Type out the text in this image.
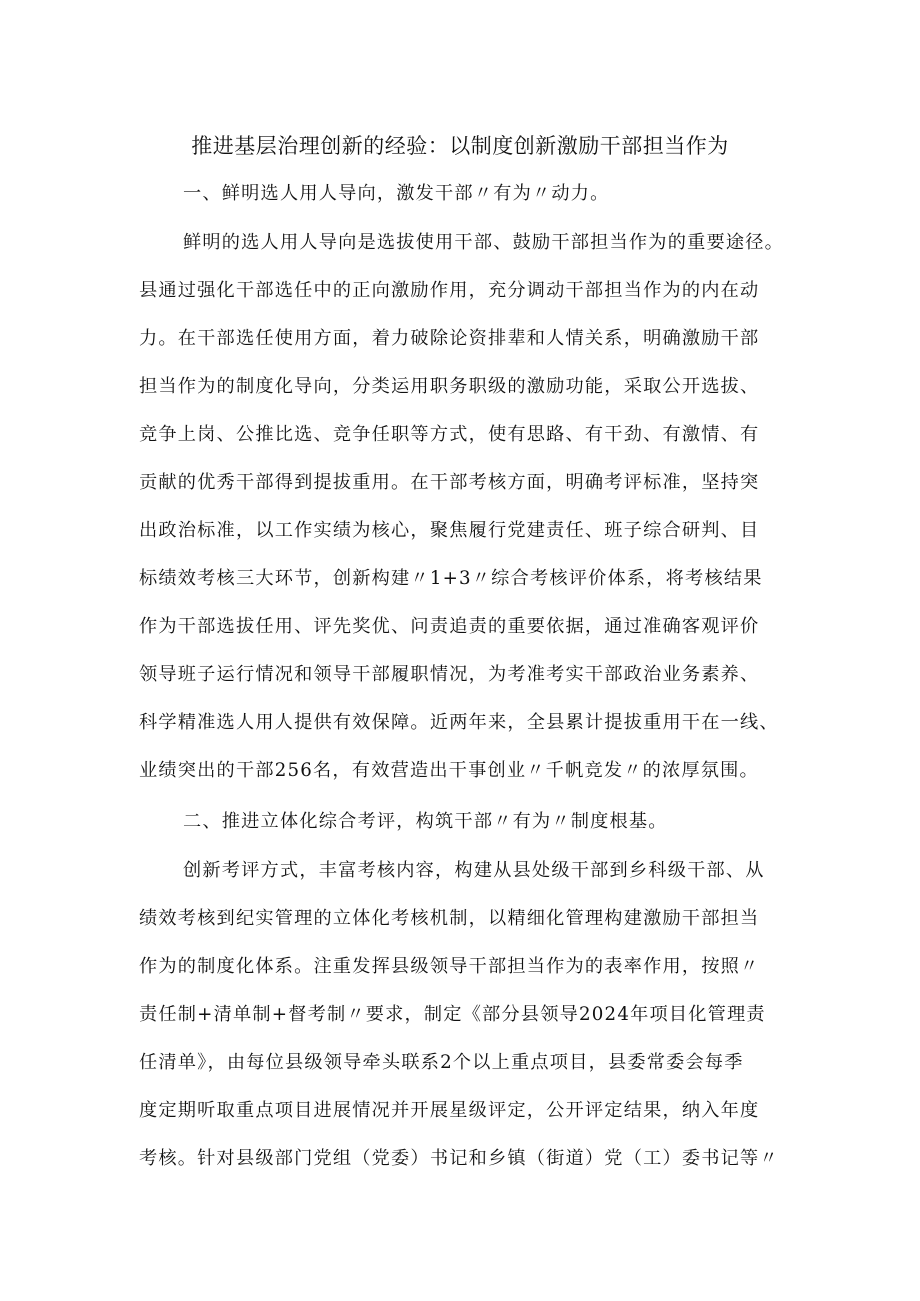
推进基层治理创新的经验：以制度创新激励干部担当作为
一、鲜明选人用人导向，激发干部〃有为〃动力。
鲜明的选人用人导向是选拔使用干部、鼓励干部担当作为的重要途径。
县通过强化干部选任中的正向激励作用，充分调动干部担当作为的内在动
力。在干部选任使用方面，着力破除论资排辈和人情关系，明确激励干部
担当作为的制度化导向，分类运用职务职级的激励功能，采取公开选拔、
竞争上岗、公推比选、竞争任职等方式，使有思路、有干劲、有激情、有
贡献的优秀干部得到提拔重用。在干部考核方面，明确考评标准，坚持突
出政治标准，以工作实绩为核心，聚焦履行党建责任、班子综合研判、目
标绩效考核三大环节，创新构建〃1+3〃综合考核评价体系，将考核结果
作为干部选拔任用、评先奖优、问责追责的重要依据，通过准确客观评价
领导班子运行情况和领导干部履职情况，为考准考实干部政治业务素养、
科学精准选人用人提供有效保障。近两年来，全县累计提拔重用干在一线、
业绩突出的干部256名，有效营造出干事创业〃千帆竞发〃的浓厚氛围。
二、推进立体化综合考评，构筑干部〃有为〃制度根基。
创新考评方式，丰富考核内容，构建从县处级干部到乡科级干部、从
绩效考核到纪实管理的立体化考核机制，以精细化管理构建激励干部担当
作为的制度化体系。注重发挥县级领导干部担当作为的表率作用，按照〃
责任制+清单制+督考制〃要求，制定《部分县领导2024年项目化管理责
任清单》，由每位县级领导牵头联系2个以上重点项目，县委常委会每季
度定期听取重点项目进展情况并开展星级评定，公开评定结果，纳入年度
考核。针对县级部门党组（党委）书记和乡镇（街道）党（工）委书记等〃
